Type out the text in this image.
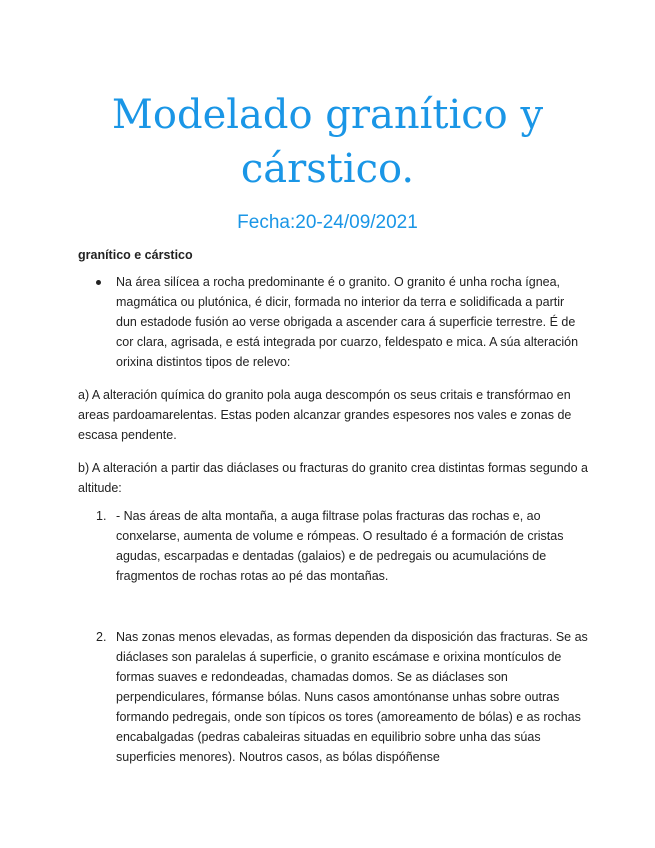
Modelado granítico y cárstico.

Fecha:20-24/09/2021

granítico e cárstico

Na área silícea a rocha predominante é o granito. O granito é unha rocha ígnea, magmática ou plutónica, é dicir, formada no interior da terra e solidificada a partir dun estadode fusión ao verse obrigada a ascender cara á superficie terrestre. É de cor clara, agrisada, e está integrada por cuarzo, feldespato e mica. A súa alteración orixina distintos tipos de relevo:

a) A alteración química do granito pola auga descompón os seus critais e transfórmao en areas pardoamarelentas. Estas poden alcanzar grandes espesores nos vales e zonas de escasa pendente.

b) A alteración a partir das diáclases ou fracturas do granito crea distintas formas segundo a altitude:

1. - Nas áreas de alta montaña, a auga filtrase polas fracturas das rochas e, ao conxelarse, aumenta de volume e rómpeas. O resultado é a formación de cristas agudas, escarpadas e dentadas (galaios) e de pedregais ou acumulacións de fragmentos de rochas rotas ao pé das montañas.

2. Nas zonas menos elevadas, as formas dependen da disposición das fracturas. Se as diáclases son paralelas á superficie, o granito escámase e orixina montículos de formas suaves e redondeadas, chamadas domos. Se as diáclases son perpendiculares, fórmanse bólas. Nuns casos amontónanse unhas sobre outras formando pedregais, onde son típicos os tores (amoreamento de bólas) e as rochas encabalgadas (pedras cabaleiras situadas en equilibrio sobre unha das súas superficies menores). Noutros casos, as bólas dispóñense
